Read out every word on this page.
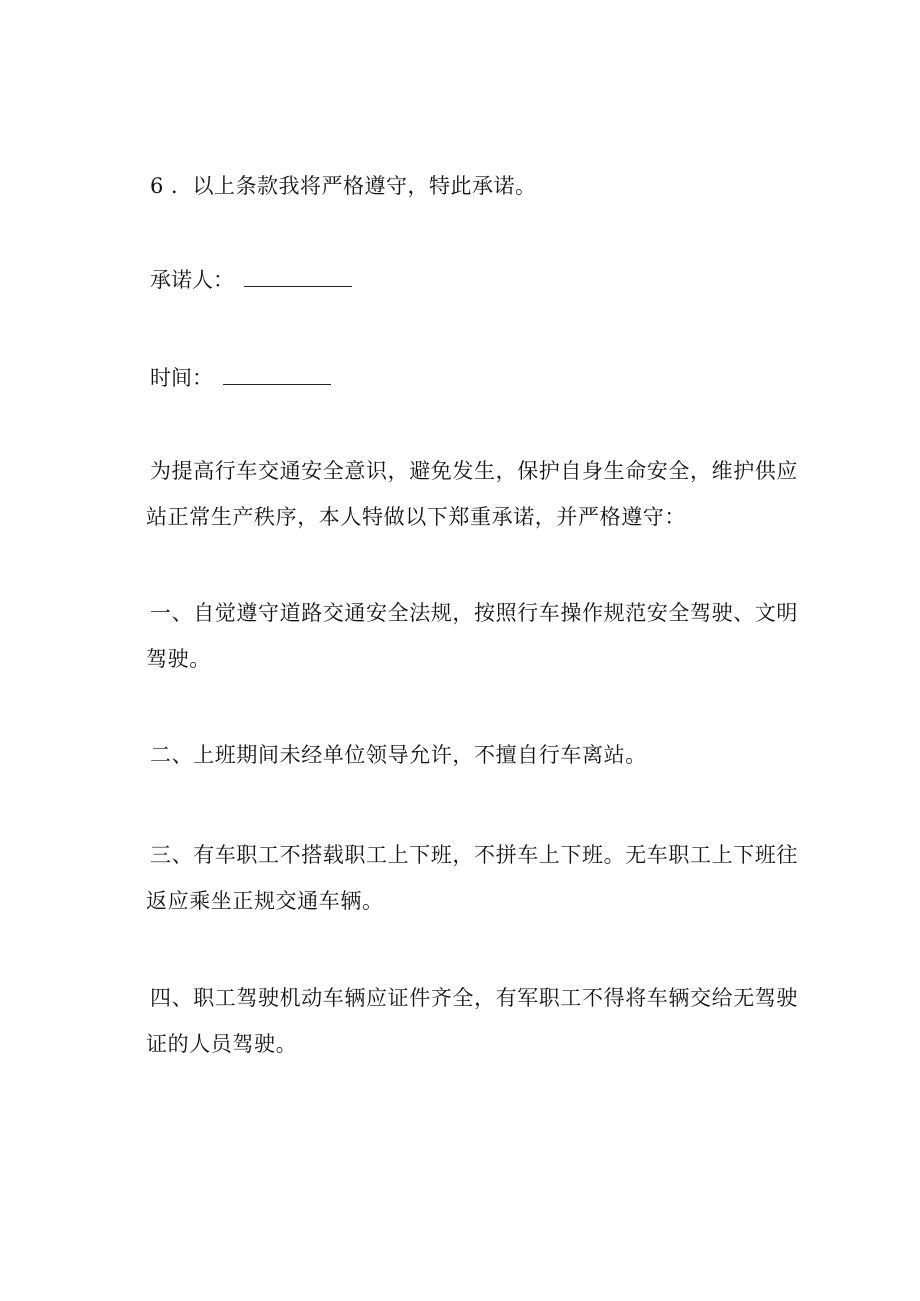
6 ．以上条款我将严格遵守，特此承诺。
承诺人：
时间：
为提高行车交通安全意识，避免发生，保护自身生命安全，维护供应
站正常生产秩序，本人特做以下郑重承诺，并严格遵守：
一、自觉遵守道路交通安全法规，按照行车操作规范安全驾驶、文明
驾驶。
二、上班期间未经单位领导允许，不擅自行车离站。
三、有车职工不搭载职工上下班，不拼车上下班。无车职工上下班往
返应乘坐正规交通车辆。
四、职工驾驶机动车辆应证件齐全，有军职工不得将车辆交给无驾驶
证的人员驾驶。
